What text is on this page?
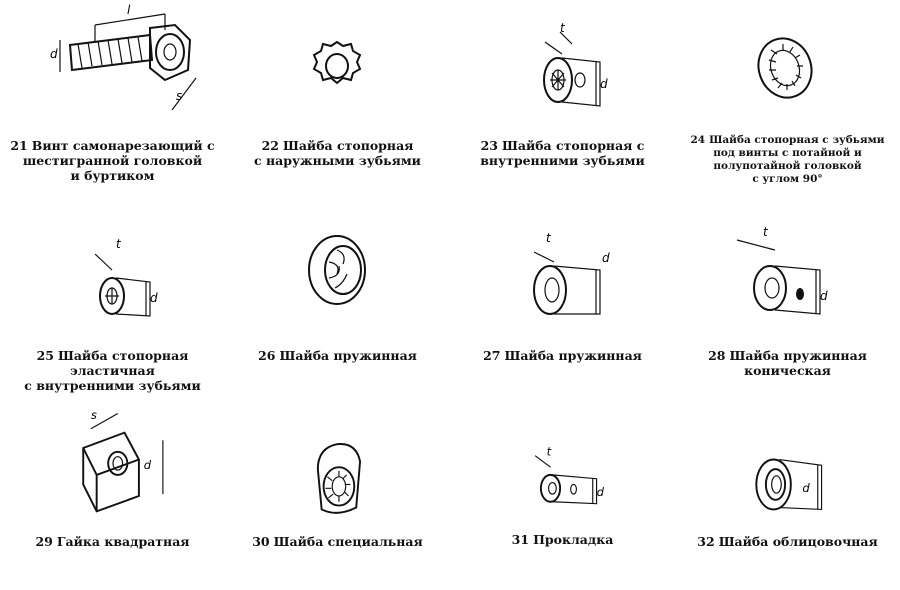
l
d
s
21 Винт самонарезающий с
шестигранной головкой
и буртиком
22 Шайба стопорная
с наружными зубьями
t
d
23 Шайба стопорная с
внутренними зубьями
24 Шайба стопорная с зубьями
под винты с потайной и
полупотайной головкой
с углом 90°
t
d
25 Шайба стопорная эластичная
с внутренними зубьями
26 Шайба пружинная
t
d
27 Шайба пружинная
t
d
28 Шайба пружинная
коническая
s
d
29 Гайка квадратная	30 Шайба специальная
t
d
31 Прокладка
d
32 Шайба облицовочная
